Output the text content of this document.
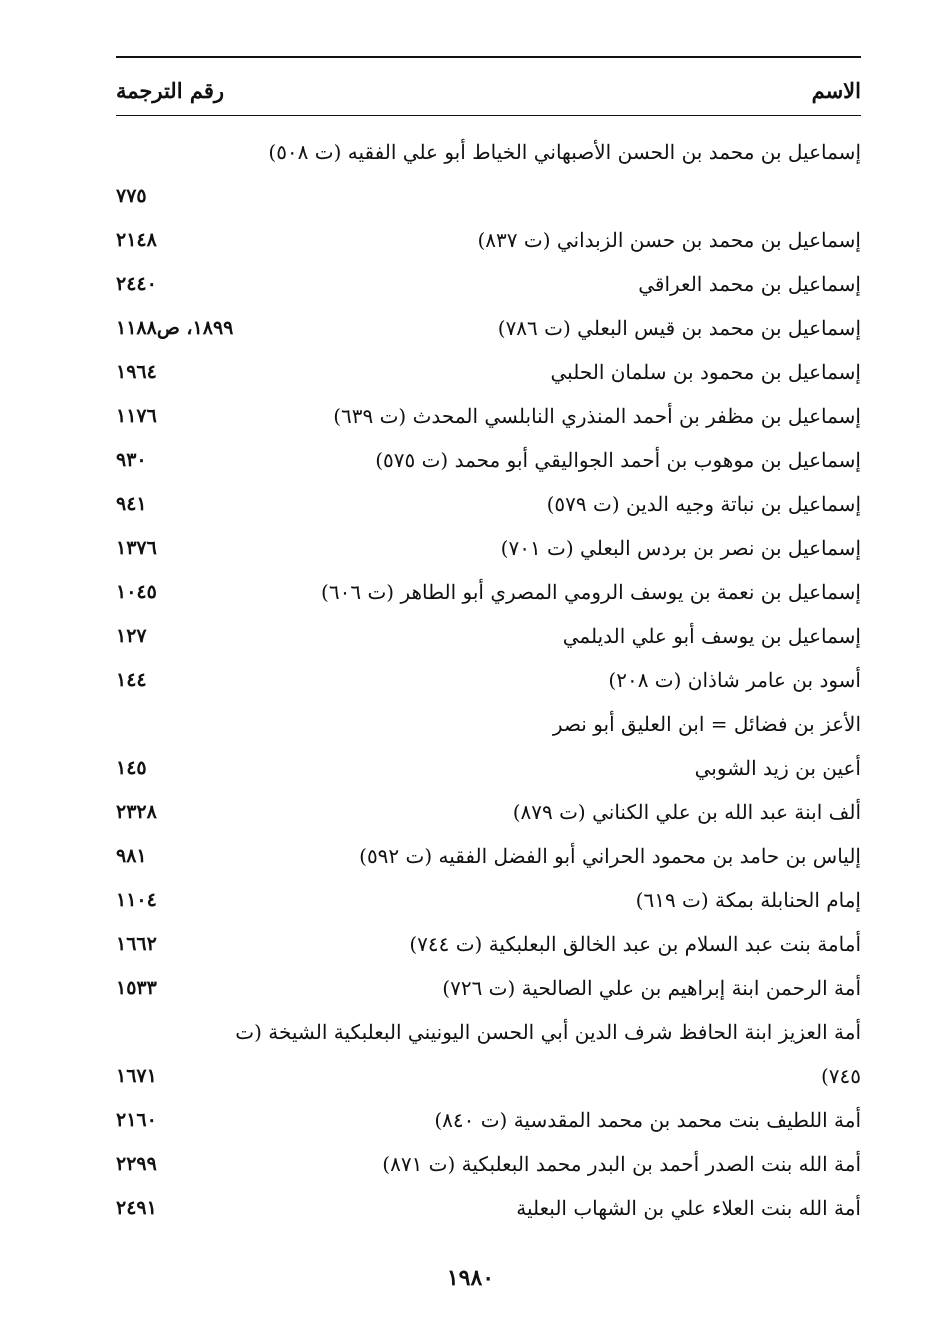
الاسم
رقم الترجمة
إسماعيل بن محمد بن الحسن الأصبهاني الخياط أبو علي الفقيه (ت ٥٠٨)
٧٧٥
إسماعيل بن محمد بن حسن الزبداني (ت ٨٣٧)
٢١٤٨
إسماعيل بن محمد العراقي
٢٤٤٠
إسماعيل بن محمد بن قيس البعلي (ت ٧٨٦)
١٨٩٩، ص١١٨٨
إسماعيل بن محمود بن سلمان الحلبي
١٩٦٤
إسماعيل بن مظفر بن أحمد المنذري النابلسي المحدث (ت ٦٣٩)
١١٧٦
إسماعيل بن موهوب بن أحمد الجواليقي أبو محمد (ت ٥٧٥)
٩٣٠
إسماعيل بن نباتة وجيه الدين (ت ٥٧٩)
٩٤١
إسماعيل بن نصر بن بردس البعلي (ت ٧٠١)
١٣٧٦
إسماعيل بن نعمة بن يوسف الرومي المصري أبو الطاهر (ت ٦٠٦)
١٠٤٥
إسماعيل بن يوسف أبو علي الديلمي
١٢٧
أسود بن عامر شاذان (ت ٢٠٨)
١٤٤
الأعز بن فضائل = ابن العليق أبو نصر
أعين بن زيد الشوبي
١٤٥
ألف ابنة عبد الله بن علي الكناني (ت ٨٧٩)
٢٣٢٨
إلياس بن حامد بن محمود الحراني أبو الفضل الفقيه (ت ٥٩٢)
٩٨١
إمام الحنابلة بمكة (ت ٦١٩)
١١٠٤
أمامة بنت عبد السلام بن عبد الخالق البعلبكية (ت ٧٤٤)
١٦٦٢
أمة الرحمن ابنة إبراهيم بن علي الصالحية (ت ٧٢٦)
١٥٣٣
أمة العزيز ابنة الحافظ شرف الدين أبي الحسن اليونيني البعلبكية الشيخة (ت ٧٤٥)
١٦٧١
أمة اللطيف بنت محمد بن محمد المقدسية (ت ٨٤٠)
٢١٦٠
أمة الله بنت الصدر أحمد بن البدر محمد البعلبكية (ت ٨٧١)
٢٢٩٩
أمة الله بنت العلاء علي بن الشهاب البعلية
٢٤٩١
١٩٨٠
